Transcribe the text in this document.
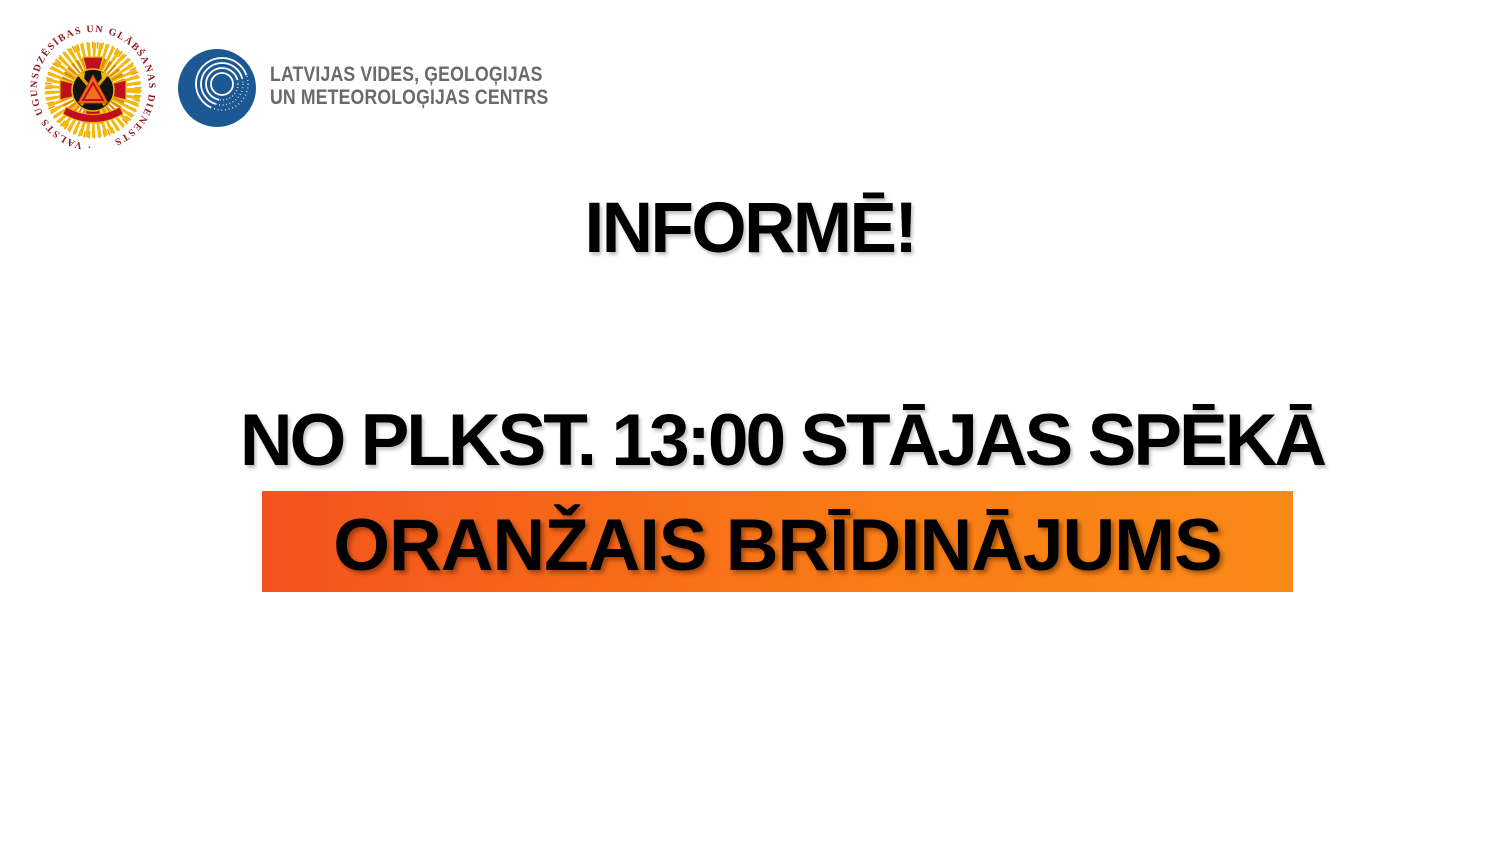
· VALSTS UGUNSDZĒSĪBAS UN GLĀBŠANAS DIENESTS
LATVIJAS VIDES, ĢEOLOĢIJAS
UN METEOROLOĢIJAS CENTRS
INFORMĒ!
NO PLKST. 13:00 STĀJAS SPĒKĀ
ORANŽAIS BRĪDINĀJUMS
